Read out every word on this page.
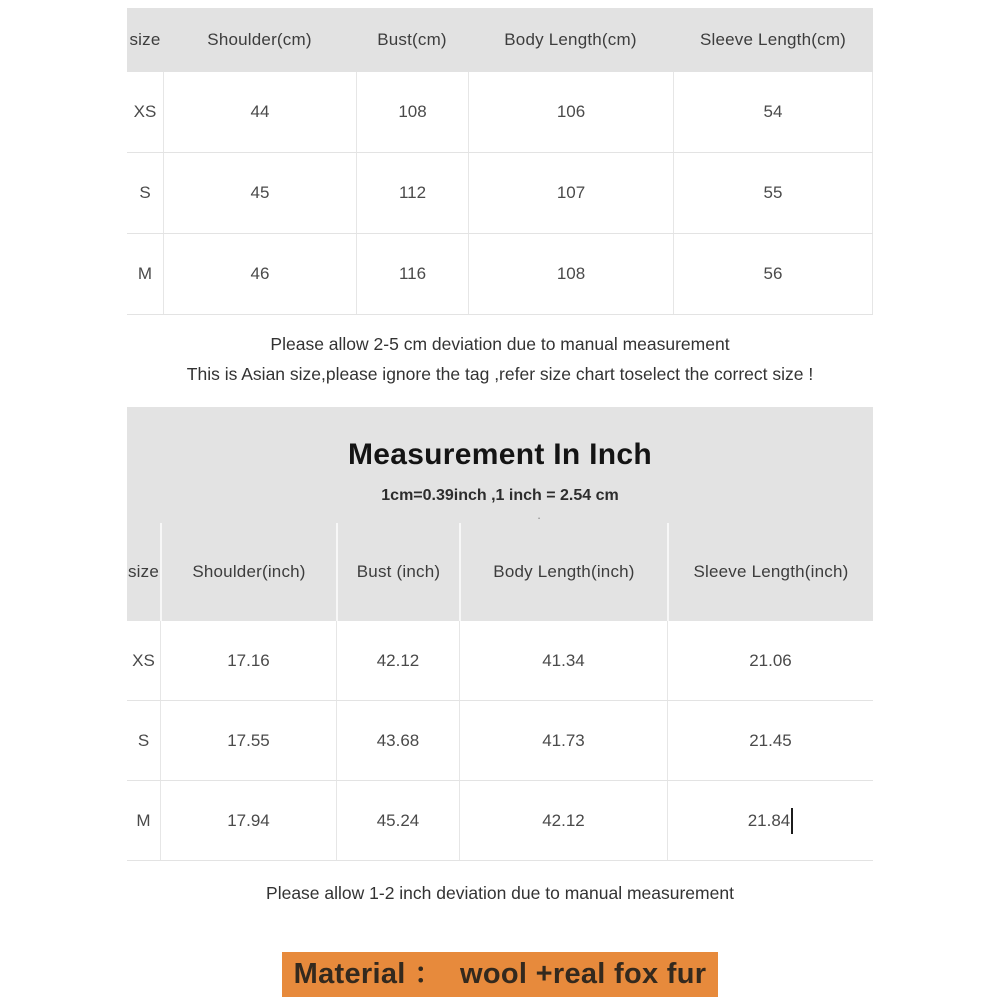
size	Shoulder(cm)	Bust(cm)	Body Length(cm)	Sleeve Length(cm)
XS	44	108	106	54
S	45	112	107	55
M	46	116	108	56
Please allow 2-5 cm deviation due to manual measurement
This is Asian size,please ignore the tag ,refer size chart toselect the correct size !
Measurement In Inch
1cm=0.39inch ,1 inch = 2.54 cm
.
size	Shoulder(inch)	Bust (inch)	Body Length(inch)	Sleeve Length(inch)
XS	17.16	42.12	41.34	21.06
S	17.55	43.68	41.73	21.45
M	17.94	45.24	42.12	21.84
Please allow 1-2 inch deviation due to manual measurement
Material ：  wool +real fox fur
